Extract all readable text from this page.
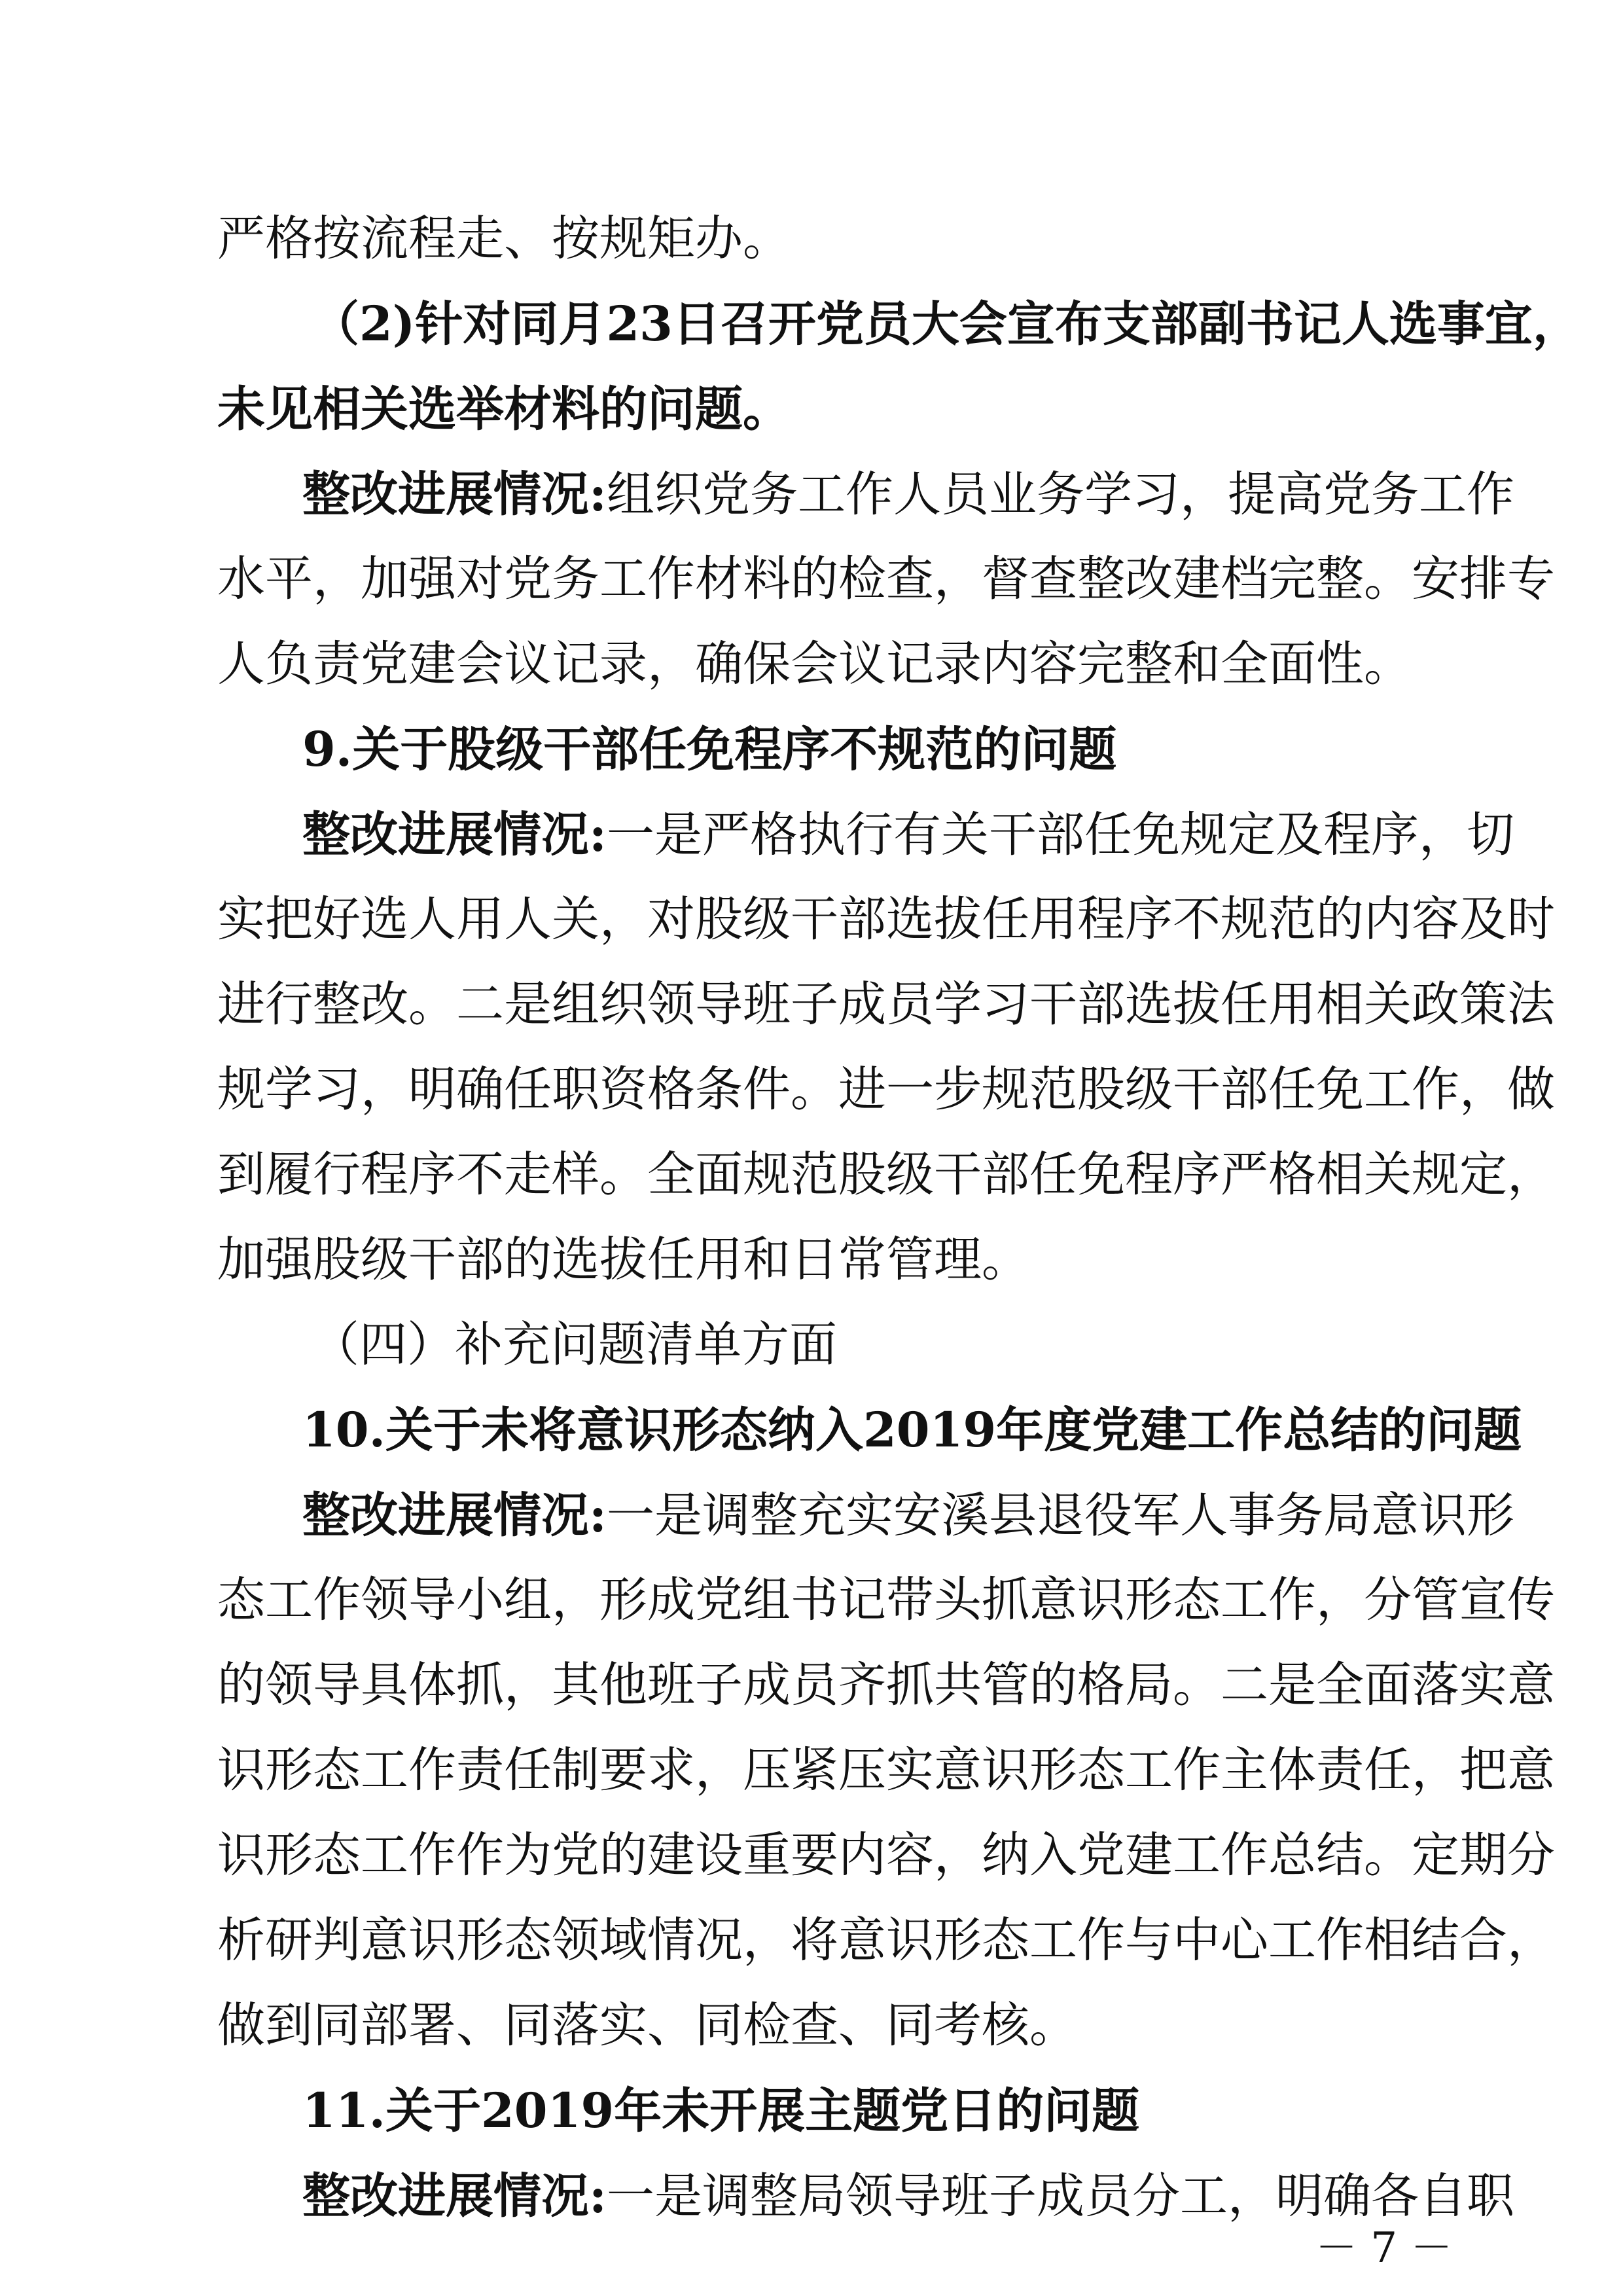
严格按流程走、按规矩办。
（2)针对同月23日召开党员大会宣布支部副书记人选事宜，
未见相关选举材料的问题。
整改进展情况:组织党务工作人员业务学习，提高党务工作
水平，加强对党务工作材料的检查，督查整改建档完整。安排专
人负责党建会议记录，确保会议记录内容完整和全面性。
9.关于股级干部任免程序不规范的问题
整改进展情况:一是严格执行有关干部任免规定及程序，切
实把好选人用人关，对股级干部选拔任用程序不规范的内容及时
进行整改。二是组织领导班子成员学习干部选拔任用相关政策法
规学习，明确任职资格条件。进一步规范股级干部任免工作，做
到履行程序不走样。全面规范股级干部任免程序严格相关规定，
加强股级干部的选拔任用和日常管理。
（四）补充问题清单方面
10.关于未将意识形态纳入2019年度党建工作总结的问题
整改进展情况:一是调整充实安溪县退役军人事务局意识形
态工作领导小组，形成党组书记带头抓意识形态工作，分管宣传
的领导具体抓，其他班子成员齐抓共管的格局。二是全面落实意
识形态工作责任制要求，压紧压实意识形态工作主体责任，把意
识形态工作作为党的建设重要内容，纳入党建工作总结。定期分
析研判意识形态领域情况，将意识形态工作与中心工作相结合，
做到同部署、同落实、同检查、同考核。
11.关于2019年未开展主题党日的问题
整改进展情况:一是调整局领导班子成员分工，明确各自职
－ 7 －
